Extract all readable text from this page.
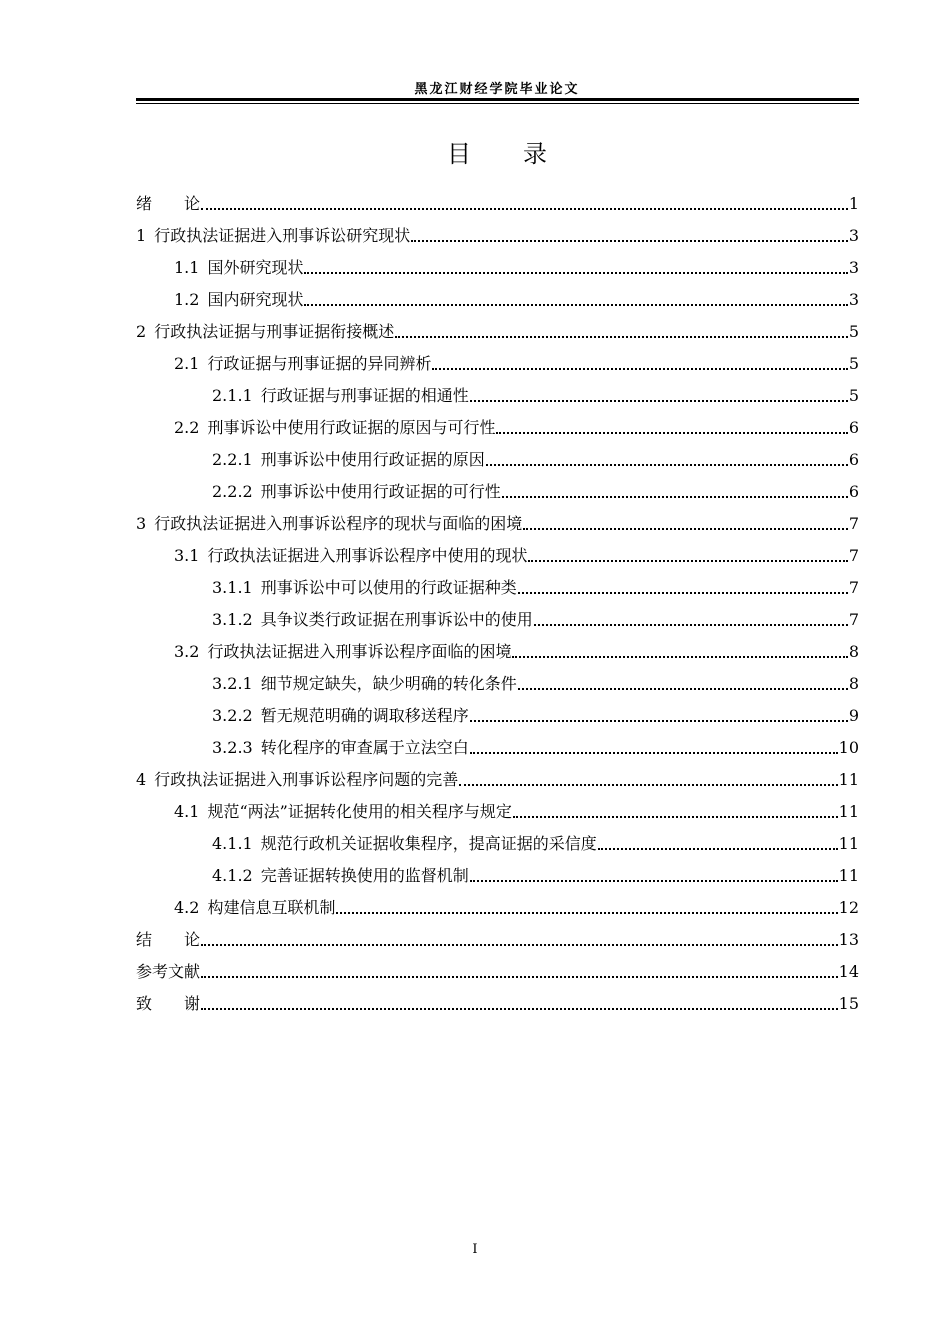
黑龙江财经学院毕业论文
目 录
绪　　论	1
1 行政执法证据进入刑事诉讼研究现状	3
1.1 国外研究现状	3
1.2 国内研究现状	3
2 行政执法证据与刑事证据衔接概述	5
2.1 行政证据与刑事证据的异同辨析	5
2.1.1 行政证据与刑事证据的相通性	5
2.2 刑事诉讼中使用行政证据的原因与可行性	6
2.2.1 刑事诉讼中使用行政证据的原因	6
2.2.2 刑事诉讼中使用行政证据的可行性	6
3 行政执法证据进入刑事诉讼程序的现状与面临的困境	7
3.1 行政执法证据进入刑事诉讼程序中使用的现状	7
3.1.1 刑事诉讼中可以使用的行政证据种类	7
3.1.2 具争议类行政证据在刑事诉讼中的使用	7
3.2 行政执法证据进入刑事诉讼程序面临的困境	8
3.2.1 细节规定缺失，缺少明确的转化条件	8
3.2.2 暂无规范明确的调取移送程序	9
3.2.3 转化程序的审查属于立法空白	10
4 行政执法证据进入刑事诉讼程序问题的完善	11
4.1 规范“两法”证据转化使用的相关程序与规定	11
4.1.1 规范行政机关证据收集程序，提高证据的采信度	11
4.1.2 完善证据转换使用的监督机制	11
4.2 构建信息互联机制	12
结　　论	13
参考文献	14
致　　谢	15
I
